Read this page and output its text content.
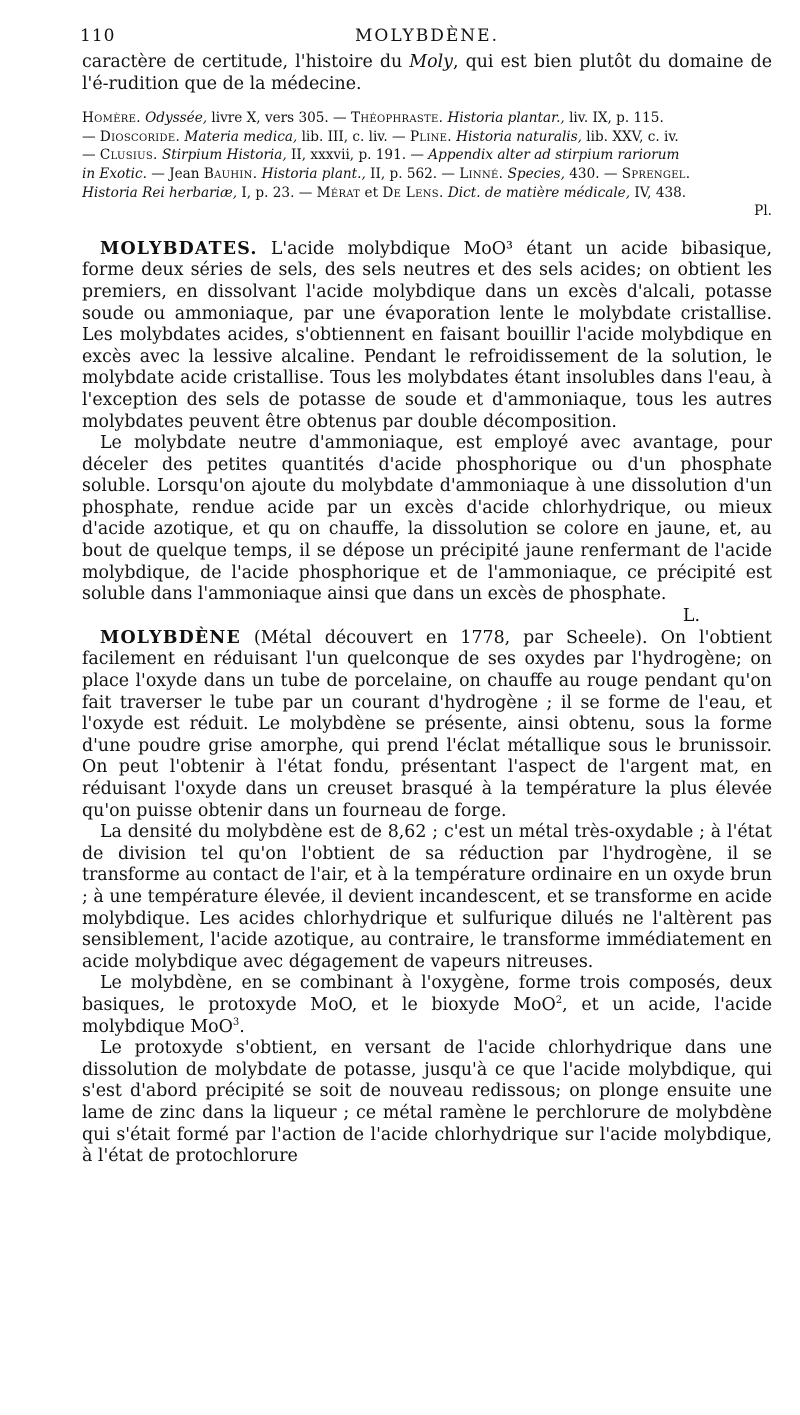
110	MOLYBDÈNE.

caractère de certitude, l'histoire du Moly, qui est bien plutôt du domaine de l'é-rudition que de la médecine.

Homère. Odyssée, livre X, vers 305. — Théophraste. Historia plantar., liv. IX, p. 115.

— Dioscoride. Materia medica, lib. III, c. liv. — Pline. Historia naturalis, lib. XXV, c. iv.

— Clusius. Stirpium Historia, II, xxxvii, p. 191. — Appendix alter ad stirpium rariorum

in Exotic. — Jean Bauhin. Historia plant., II, p. 562. — Linné. Species, 430. — Sprengel.

Historia Rei herbariæ, I, p. 23. — Mérat et De Lens. Dict. de matière médicale, IV, 438.

Pl.

MOLYBDATES. L'acide molybdique MoO³ étant un acide bibasique, forme deux séries de sels, des sels neutres et des sels acides; on obtient les premiers, en dissolvant l'acide molybdique dans un excès d'alcali, potasse soude ou ammoniaque, par une évaporation lente le molybdate cristallise. Les molybdates acides, s'obtiennent en faisant bouillir l'acide molybdique en excès avec la lessive alcaline. Pendant le refroidissement de la solution, le molybdate acide cristallise. Tous les molybdates étant insolubles dans l'eau, à l'exception des sels de potasse de soude et d'ammoniaque, tous les autres molybdates peuvent être obtenus par double décomposition.

Le molybdate neutre d'ammoniaque, est employé avec avantage, pour déceler des petites quantités d'acide phosphorique ou d'un phosphate soluble. Lorsqu'on ajoute du molybdate d'ammoniaque à une dissolution d'un phosphate, rendue acide par un excès d'acide chlorhydrique, ou mieux d'acide azotique, et qu on chauffe, la dissolution se colore en jaune, et, au bout de quelque temps, il se dépose un précipité jaune renfermant de l'acide molybdique, de l'acide phosphorique et de l'ammoniaque, ce précipité est soluble dans l'ammoniaque ainsi que dans un excès de phosphate.
L.

MOLYBDÈNE (Métal découvert en 1778, par Scheele). On l'obtient facilement en réduisant l'un quelconque de ses oxydes par l'hydrogène; on place l'oxyde dans un tube de porcelaine, on chauffe au rouge pendant qu'on fait traverser le tube par un courant d'hydrogène ; il se forme de l'eau, et l'oxyde est réduit. Le molybdène se présente, ainsi obtenu, sous la forme d'une poudre grise amorphe, qui prend l'éclat métallique sous le brunissoir. On peut l'obtenir à l'état fondu, présentant l'aspect de l'argent mat, en réduisant l'oxyde dans un creuset brasqué à la température la plus élevée qu'on puisse obtenir dans un fourneau de forge.

La densité du molybdène est de 8,62 ; c'est un métal très-oxydable ; à l'état de division tel qu'on l'obtient de sa réduction par l'hydrogène, il se transforme au contact de l'air, et à la température ordinaire en un oxyde brun ; à une température élevée, il devient incandescent, et se transforme en acide molybdique. Les acides chlorhydrique et sulfurique dilués ne l'altèrent pas sensiblement, l'acide azotique, au contraire, le transforme immédiatement en acide molybdique avec dégagement de vapeurs nitreuses.

Le molybdène, en se combinant à l'oxygène, forme trois composés, deux basiques, le protoxyde MoO, et le bioxyde MoO$^2$, et un acide, l'acide molybdique MoO$^3$.

Le protoxyde s'obtient, en versant de l'acide chlorhydrique dans une dissolution de molybdate de potasse, jusqu'à ce que l'acide molybdique, qui s'est d'abord précipité se soit de nouveau redissous; on plonge ensuite une lame de zinc dans la liqueur ; ce métal ramène le perchlorure de molybdène qui s'était formé par l'action de l'acide chlorhydrique sur l'acide molybdique, à l'état de protochlorure
